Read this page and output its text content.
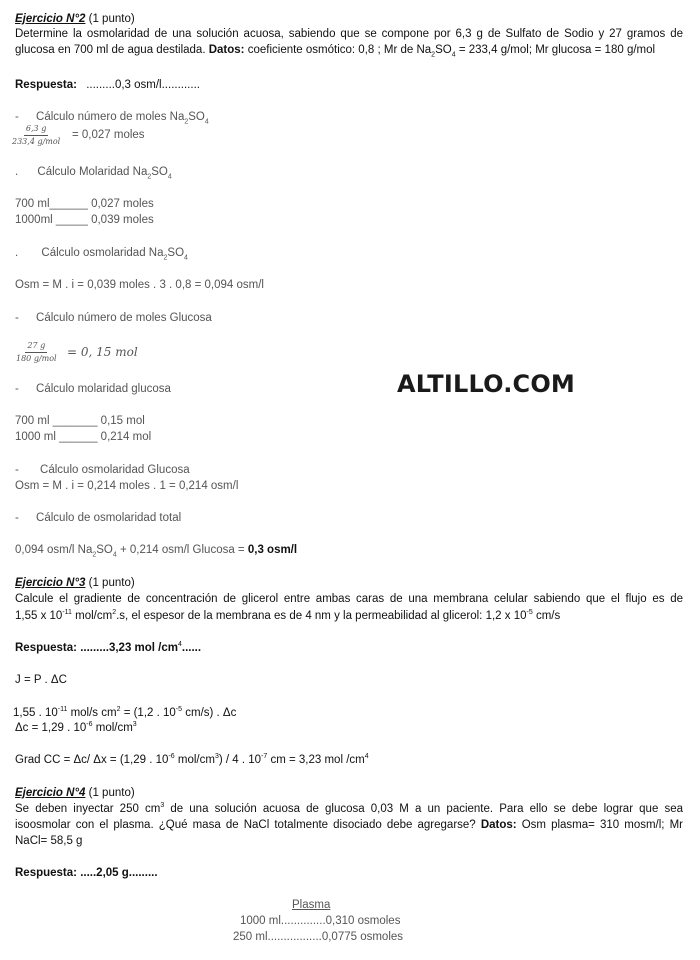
Ejercicio N°2 (1 punto)
Determine la osmolaridad de una solución acuosa, sabiendo que se compone por 6,3 g de Sulfato de Sodio y 27 gramos de
glucosa en 700 ml de agua destilada. Datos: coeficiente osmótico: 0,8 ; Mr de $Na_2SO_4 = 233,4$ g/mol; Mr glucosa = 180 g/mol
Respuesta: .........0,3 osm/l............
- Cálculo número de moles $Na_2SO_4$
6,3 g
233,4 g/mol
= 0,027 moles
. Cálculo Molaridad $Na_2SO_4$
700 ml______ 0,027 moles
1000ml _____ 0,039 moles
. Cálculo osmolaridad $Na_2SO_4$
Osm = M . i = 0,039 moles . 3 . 0,8 = 0,094 osm/l
- Cálculo número de moles Glucosa
27 g
180 g/mol = 0, 15 mol
- Cálculo molaridad glucosa
700 ml _______ 0,15 mol
1000 ml ______ 0,214 mol
- Cálculo osmolaridad Glucosa
Osm = M . i = 0,214 moles . 1 = 0,214 osm/l
- Cálculo de osmolaridad total
0,094 osm/l $Na_2SO_4 + 0,214$ osm/l Glucosa = 0,3 osm/l
ALTILLO.COM
Ejercicio N°3 (1 punto)
Calcule el gradiente de concentración de glicerol entre ambas caras de una membrana celular sabiendo que el flujo es de
1,55 x $10^{-11}$ mol/$cm^2.s$, el espesor de la membrana es de 4 nm y la permeabilidad al glicerol: 1,2 x $10^{-5}$ cm/s
Respuesta: .........3,23 mol $/cm^4$......
J = P . ΔC
1,55 . $10^{-11}$ mol/s $cm^2 = (1,2$ . $10^{-5}$ cm/s) . Δc
Δc = 1,29 . $10^{-6}$ mol/$cm^3$
Grad CC = Δc/ Δx = (1,29 . $10^{-6}$ mol/$cm^3) / 4$ . $10^{-7}$ cm = 3,23 mol $/cm^4$
Ejercicio N°4 (1 punto)
Se deben inyectar 250 $cm^3$ de una solución acuosa de glucosa 0,03 M a un paciente. Para ello se debe lograr que sea
isoosmolar con el plasma. ¿Qué masa de NaCl totalmente disociado debe agregarse? Datos: Osm plasma= 310 mosm/l; Mr
NaCl= 58,5 g
Respuesta: .....2,05 g.........
Plasma
1000 ml..............0,310 osmoles
250 ml.................0,0775 osmoles
